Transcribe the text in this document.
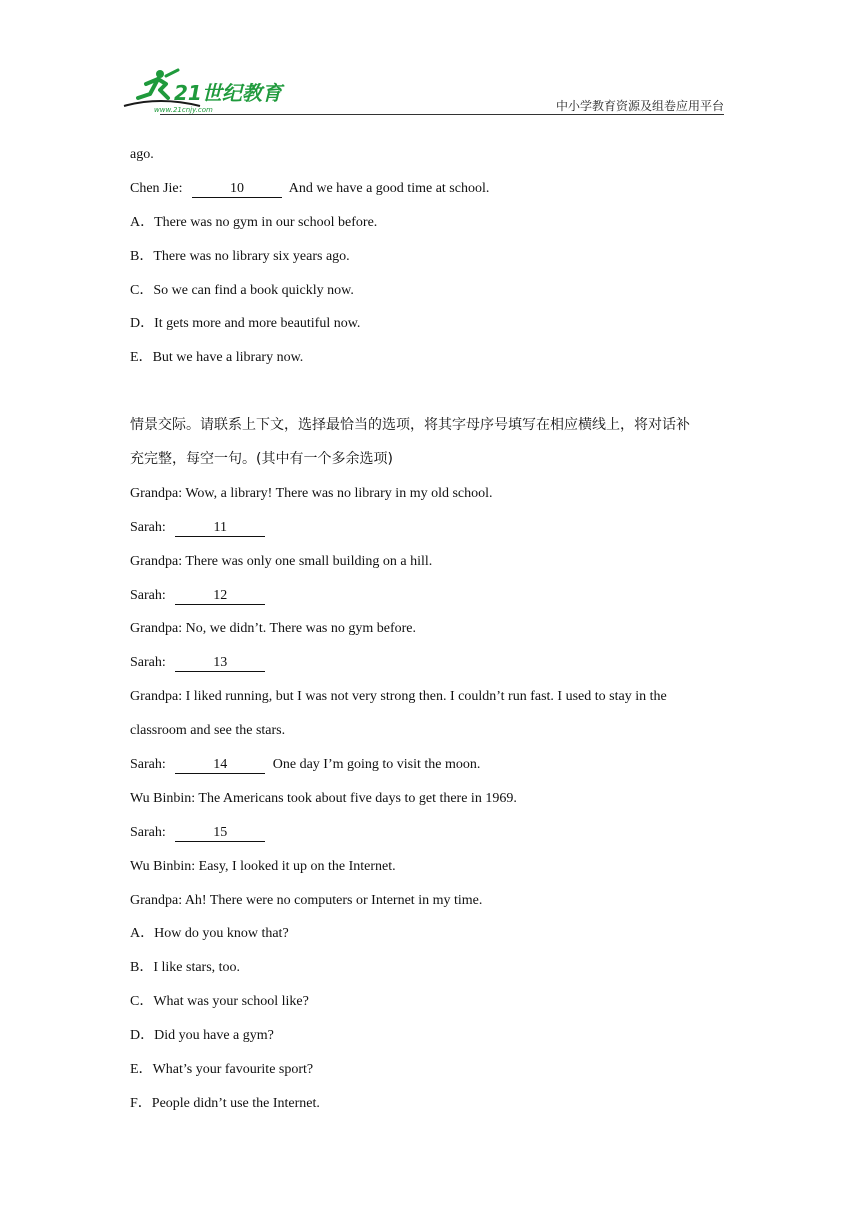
21世纪教育
www.21cnjy.com	中小学教育资源及组卷应用平台
ago.
Chen Jie:	10	And we have a good time at school.
A．There was no gym in our school before.
B．There was no library six years ago.
C．So we can find a book quickly now.
D．It gets more and more beautiful now.
E．But we have a library now.
情景交际。请联系上下文，选择最恰当的选项，将其字母序号填写在相应横线上，将对话补
充完整，每空一句。(其中有一个多余选项)
Grandpa: Wow, a library! There was no library in my old school.
Sarah:	11
Grandpa: There was only one small building on a hill.
Sarah:	12
Grandpa: No, we didn’t. There was no gym before.
Sarah:	13
Grandpa: I liked running, but I was not very strong then. I couldn’t run fast. I used to stay in the
classroom and see the stars.
Sarah:	14	One day I’m going to visit the moon.
Wu Binbin: The Americans took about five days to get there in 1969.
Sarah:	15
Wu Binbin: Easy, I looked it up on the Internet.
Grandpa: Ah! There were no computers or Internet in my time.
A．How do you know that?
B．I like stars, too.
C．What was your school like?
D．Did you have a gym?
E．What’s your favourite sport?
F．People didn’t use the Internet.
